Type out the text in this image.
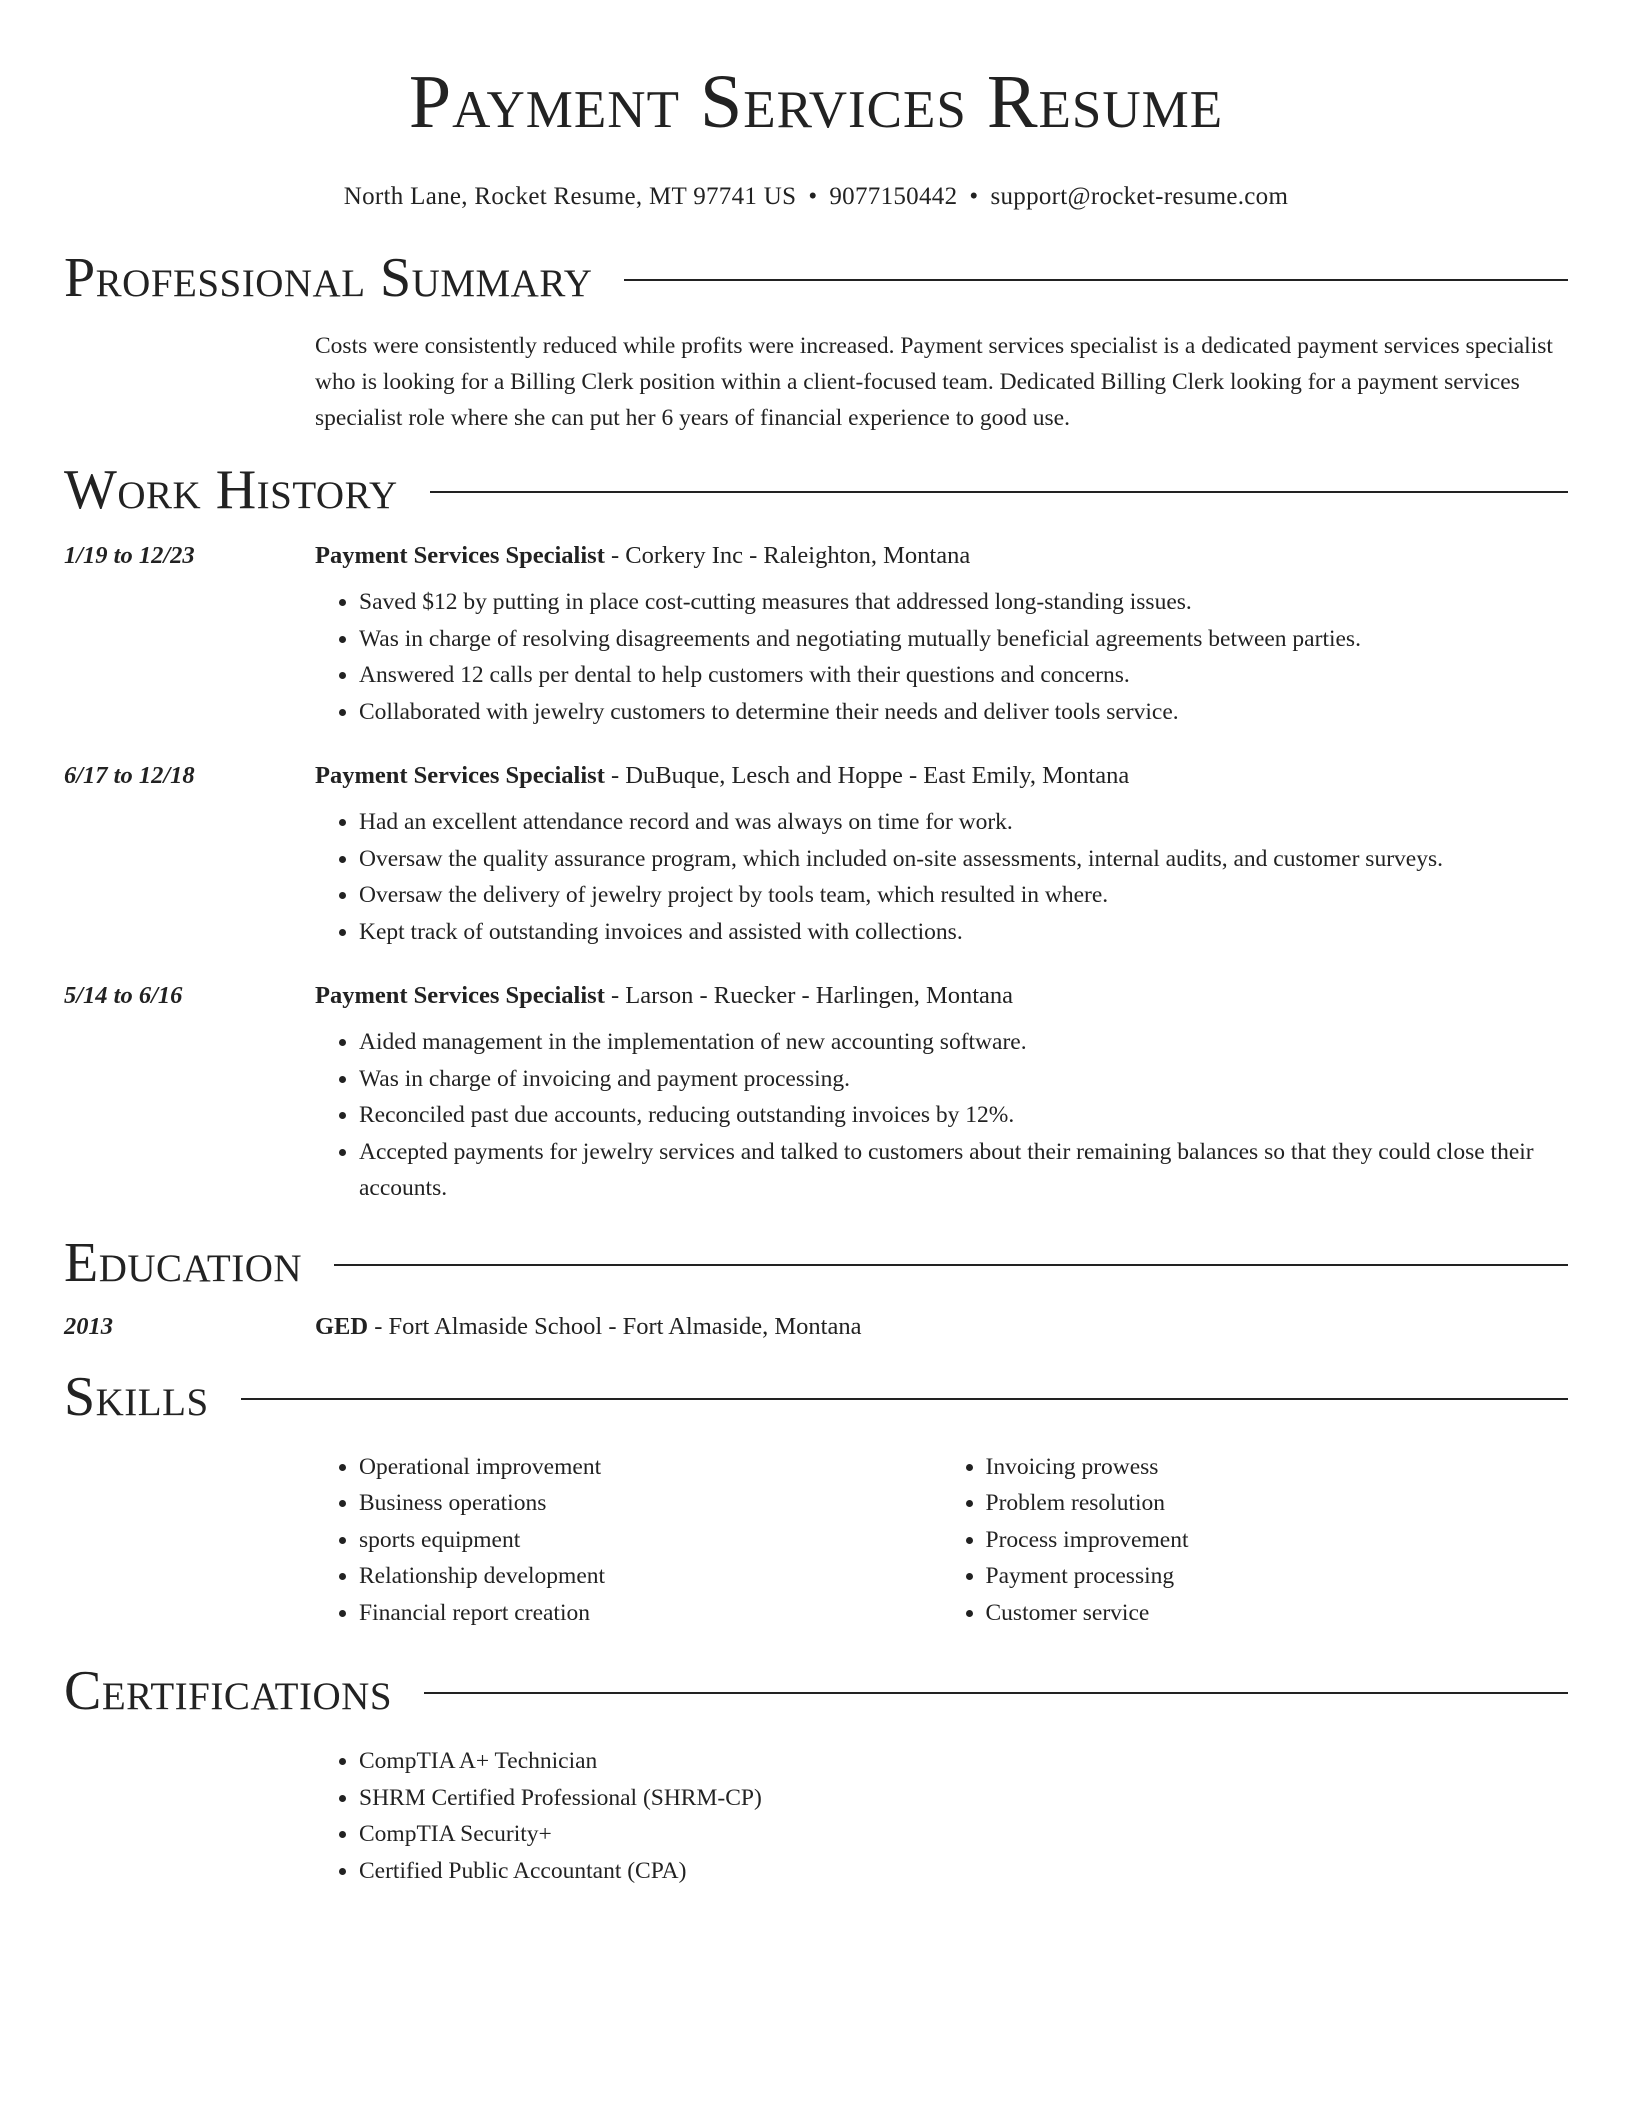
Payment Services Resume
North Lane, Rocket Resume, MT 97741 US • 9077150442 • support@rocket-resume.com
Professional Summary
Costs were consistently reduced while profits were increased. Payment services specialist is a dedicated payment services specialist who is looking for a Billing Clerk position within a client-focused team. Dedicated Billing Clerk looking for a payment services specialist role where she can put her 6 years of financial experience to good use.
Work History
1/19 to 12/23	Payment Services Specialist - Corkery Inc - Raleighton, Montana
• Saved $12 by putting in place cost-cutting measures that addressed long-standing issues.
• Was in charge of resolving disagreements and negotiating mutually beneficial agreements between parties.
• Answered 12 calls per dental to help customers with their questions and concerns.
• Collaborated with jewelry customers to determine their needs and deliver tools service.
6/17 to 12/18	Payment Services Specialist - DuBuque, Lesch and Hoppe - East Emily, Montana
• Had an excellent attendance record and was always on time for work.
• Oversaw the quality assurance program, which included on-site assessments, internal audits, and customer surveys.
• Oversaw the delivery of jewelry project by tools team, which resulted in where.
• Kept track of outstanding invoices and assisted with collections.
5/14 to 6/16	Payment Services Specialist - Larson - Ruecker - Harlingen, Montana
• Aided management in the implementation of new accounting software.
• Was in charge of invoicing and payment processing.
• Reconciled past due accounts, reducing outstanding invoices by 12%.
• Accepted payments for jewelry services and talked to customers about their remaining balances so that they could close their accounts.
Education
2013	GED - Fort Almaside School - Fort Almaside, Montana
Skills
• Operational improvement
• Business operations
• sports equipment
• Relationship development
• Financial report creation
• Invoicing prowess
• Problem resolution
• Process improvement
• Payment processing
• Customer service
Certifications
• CompTIA A+ Technician
• SHRM Certified Professional (SHRM-CP)
• CompTIA Security+
• Certified Public Accountant (CPA)
